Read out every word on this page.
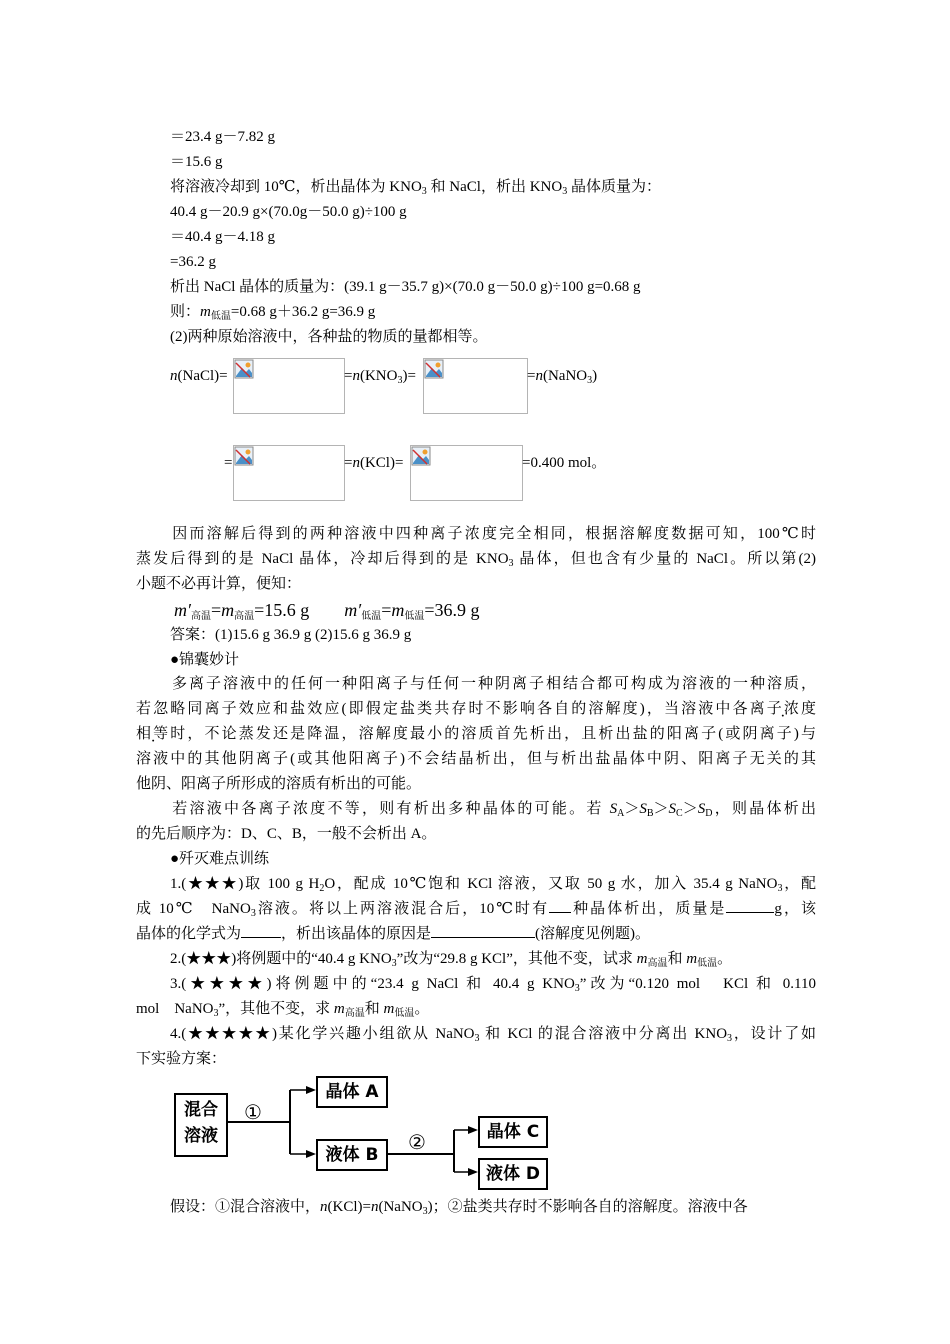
＝23.4 g－7.82 g
＝15.6 g
将溶液冷却到 10℃，析出晶体为 $KNO_3$ 和 NaCl，析出 $KNO_3$ 晶体质量为：
40.4 g－20.9 g×(70.0g－50.0 g)÷100 g
＝40.4 g－4.18 g
=36.2 g
析出 NaCl 晶体的质量为：(39.1 g－35.7 g)×(70.0 g－50.0 g)÷100 g=0.68 g
则：$m_{低温}=0.68$ g＋36.2 g=36.9 g
(2)两种原始溶液中，各种盐的物质的量都相等。
n(NaCl)=	$=n(KNO_3)=$	=n(NaNO$_3$)
=	=n(KCl)=	=0.400 mol。
因而溶解后得到的两种溶液中四种离子浓度完全相同，根据溶解度数据可知，100℃时
蒸发后得到的是 NaCl 晶体，冷却后得到的是 $KNO_3$ 晶体，但也含有少量的 NaCl。所以第(2)
小题不必再计算，便知：
$m'_{高温}=m_{高温}=15.6$ g $m'_{低温}=m_{低温}=36.9$ g
答案：(1)15.6 g 36.9 g (2)15.6 g 36.9 g
●锦囊妙计
多离子溶液中的任何一种阳离子与任何一种阴离子相结合都可构成为溶液的一种溶质，
若忽略同离子效应和盐效应(即假定盐类共存时不影响各自的溶解度)，当溶液中各离子浓度
相等时，不论蒸发还是降温，溶解度最小的溶质首先析出，且析出盐的阳离子(或阴离子)与
溶液中的其他阴离子(或其他阳离子)不会结晶析出，但与析出盐晶体中阴、阳离子无关的其
他阴、阳离子所形成的溶质有析出的可能。
若溶液中各离子浓度不等，则有析出多种晶体的可能。若 $S_A>S_B>S_C>S_D$，则晶体析出
的先后顺序为：D、C、B，一般不会析出 A。
●歼灭难点训练
1.(★★★)取 100 g $H_2O$，配成 10℃饱和 KCl 溶液，又取 50 g 水，加入 35.4 g NaNO$_3$，配
成 10℃　NaNO$_3$溶液。将以上两溶液混合后，10℃时有 种晶体析出，质量是	g，该
晶体的化学式为	，析出该晶体的原因是	(溶解度见例题)。
2.(★★★)将例题中的“40.4 g $KNO_3$”改为“29.8 g KCl”，其他不变，试求 $m_{高温}$和 $m_{低温}$。
3.(★★★★)将例题中的“23.4 g NaCl 和 40.4 g $KNO_3$”改为“0.120 mol　KCl 和 0.110
mol　NaNO$_3$”，其他不变，求 $m_{高温}$和 $m_{低温}$。
4.(★★★★★)某化学兴趣小组欲从 NaNO$_3$ 和 KCl 的混合溶液中分离出 $KNO_3$，设计了如
下实验方案：
混合
溶液
①
②
晶体 A
液体 B
晶体 C
液体 D
假设：①混合溶液中，n(KCl)=n(NaNO$_3$)；②盐类共存时不影响各自的溶解度。溶液中各
